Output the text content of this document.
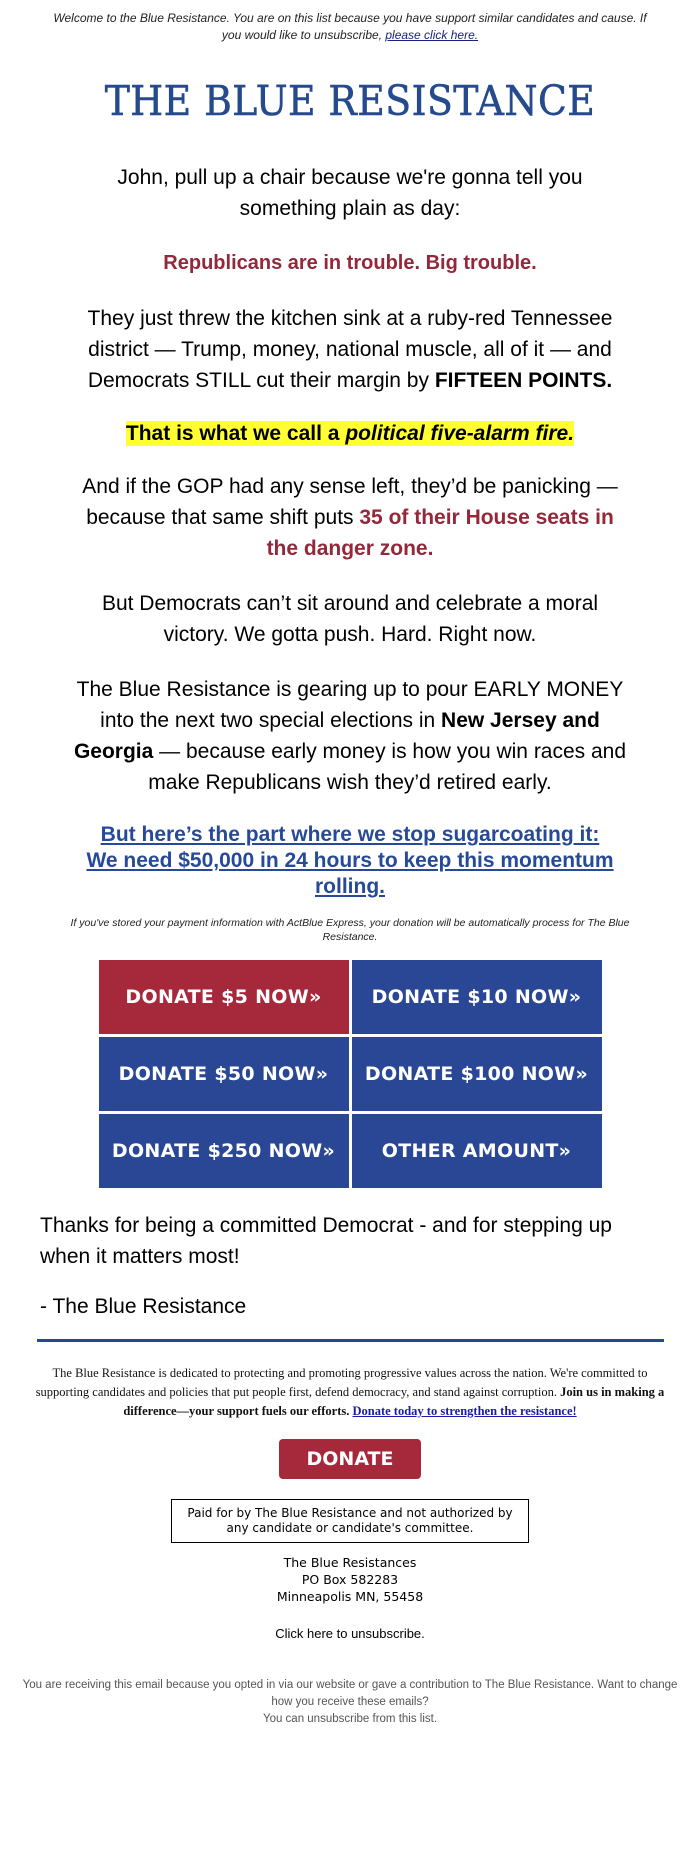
Welcome to the Blue Resistance. You are on this list because you have support similar candidates and cause. If you would like to unsubscribe, please click here.
THE BLUE RESISTANCE

John, pull up a chair because we're gonna tell you something plain as day:

Republicans are in trouble. Big trouble.

They just threw the kitchen sink at a ruby-red Tennessee district — Trump, money, national muscle, all of it — and Democrats STILL cut their margin by FIFTEEN POINTS.

That is what we call a political five-alarm fire.

And if the GOP had any sense left, they’d be panicking — because that same shift puts 35 of their House seats in the danger zone.

But Democrats can’t sit around and celebrate a moral victory. We gotta push. Hard. Right now.

The Blue Resistance is gearing up to pour EARLY MONEY into the next two special elections in New Jersey and Georgia — because early money is how you win races and make Republicans wish they’d retired early.

But here’s the part where we stop sugarcoating it:
We need $50,000 in 24 hours to keep this momentum rolling.

If you've stored your payment information with ActBlue Express, your donation will be automatically process for The Blue Resistance.

DONATE $5 NOW»	DONATE $10 NOW»
DONATE $50 NOW»	DONATE $100 NOW»
DONATE $250 NOW»	OTHER AMOUNT»

Thanks for being a committed Democrat - and for stepping up when it matters most!

- The Blue Resistance

The Blue Resistance is dedicated to protecting and promoting progressive values across the nation. We're committed to supporting candidates and policies that put people first, defend democracy, and stand against corruption. Join us in making a difference—your support fuels our efforts. Donate today to strengthen the resistance!

DONATE
Paid for by The Blue Resistance and not authorized by any candidate or candidate's committee.
The Blue Resistances
PO Box 582283
Minneapolis MN, 55458
Click here to unsubscribe.

You are receiving this email because you opted in via our website or gave a contribution to The Blue Resistance. Want to change how you receive these emails?
You can unsubscribe from this list.
